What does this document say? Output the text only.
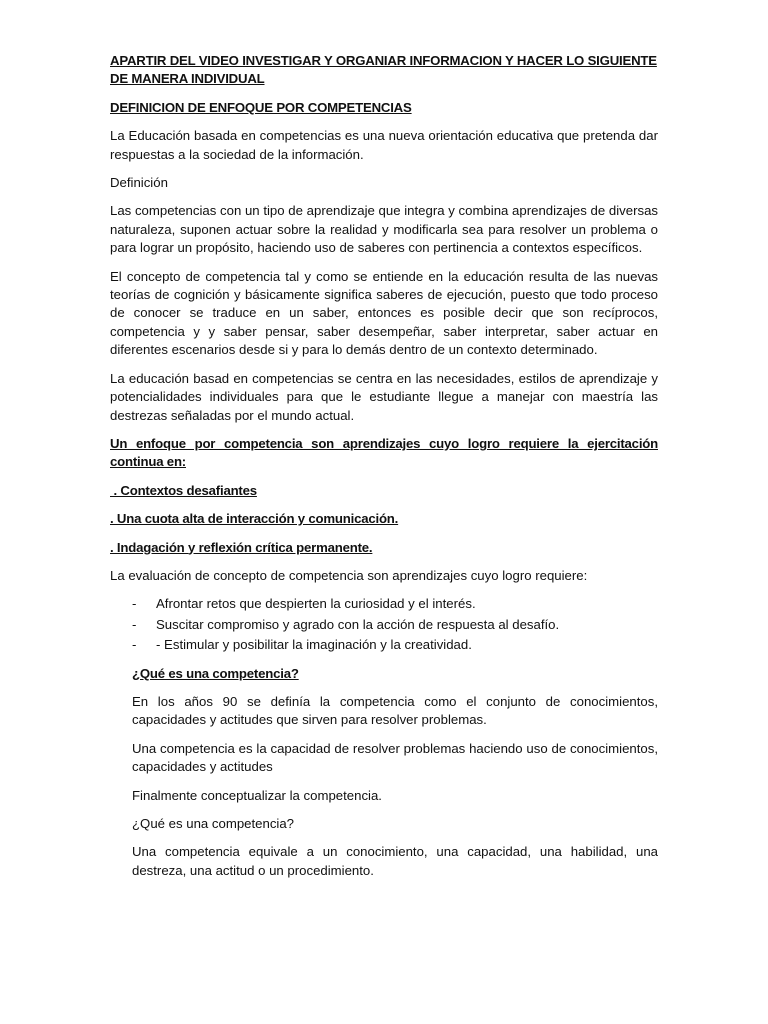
APARTIR DEL VIDEO INVESTIGAR Y ORGANIAR INFORMACION Y HACER LO SIGUIENTE
DE MANERA INDIVIDUAL

DEFINICION DE ENFOQUE POR COMPETENCIAS

La Educación basada en competencias es una nueva orientación educativa que pretenda dar respuestas a la sociedad de la información.

Definición

Las competencias con un tipo de aprendizaje que integra y combina aprendizajes de diversas naturaleza, suponen actuar sobre la realidad y modificarla sea para resolver un problema o para lograr un propósito, haciendo uso de saberes con pertinencia a contextos específicos.

El concepto de competencia tal y como se entiende en la educación resulta de las nuevas teorías de cognición y básicamente significa saberes de ejecución, puesto que todo proceso de conocer se traduce en un saber, entonces es posible decir que son recíprocos, competencia y y saber pensar, saber desempeñar, saber interpretar, saber actuar en diferentes escenarios desde si y para lo demás dentro de un contexto determinado.

La educación basad en competencias se centra en las necesidades, estilos de aprendizaje y potencialidades individuales para que le estudiante llegue a manejar con maestría las destrezas señaladas por el mundo actual.

Un enfoque por competencia son aprendizajes cuyo logro requiere la ejercitación continua en:

. Contextos desafiantes

. Una cuota alta de interacción y comunicación.

. Indagación y reflexión crítica permanente.

La evaluación de concepto de competencia son aprendizajes cuyo logro requiere:

- Afrontar retos que despierten la curiosidad y el interés.
- Suscitar compromiso y agrado con la acción de respuesta al desafío.
- - Estimular y posibilitar la imaginación y la creatividad.

¿Qué es una competencia?

En los años 90 se definía la competencia como el conjunto de conocimientos, capacidades y actitudes que sirven para resolver problemas.

Una competencia es la capacidad de resolver problemas haciendo uso de conocimientos, capacidades y actitudes

Finalmente conceptualizar la competencia.

¿Qué es una competencia?

Una competencia equivale a un conocimiento, una capacidad, una habilidad, una destreza, una actitud o un procedimiento.
